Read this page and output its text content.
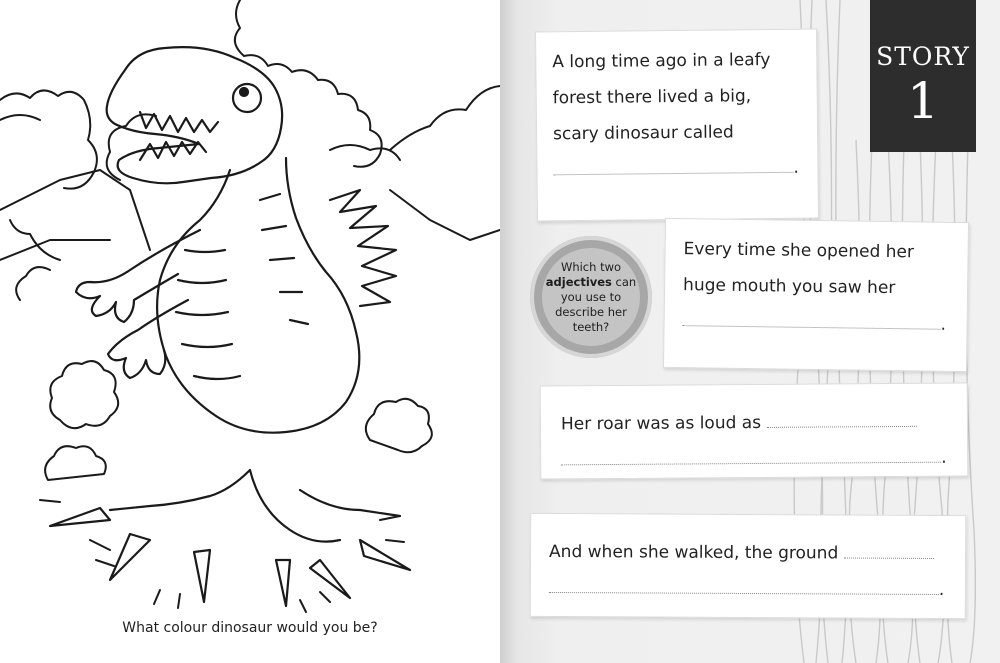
What colour dinosaur would you be?
STORY
1
A long time ago in a leafy
forest there lived a big,
scary dinosaur called
.
Every time she opened her
huge mouth you saw her
.
Which two
adjectives can
you use to
describe her
teeth?
Her roar was as loud as
.
And when she walked, the ground
.
